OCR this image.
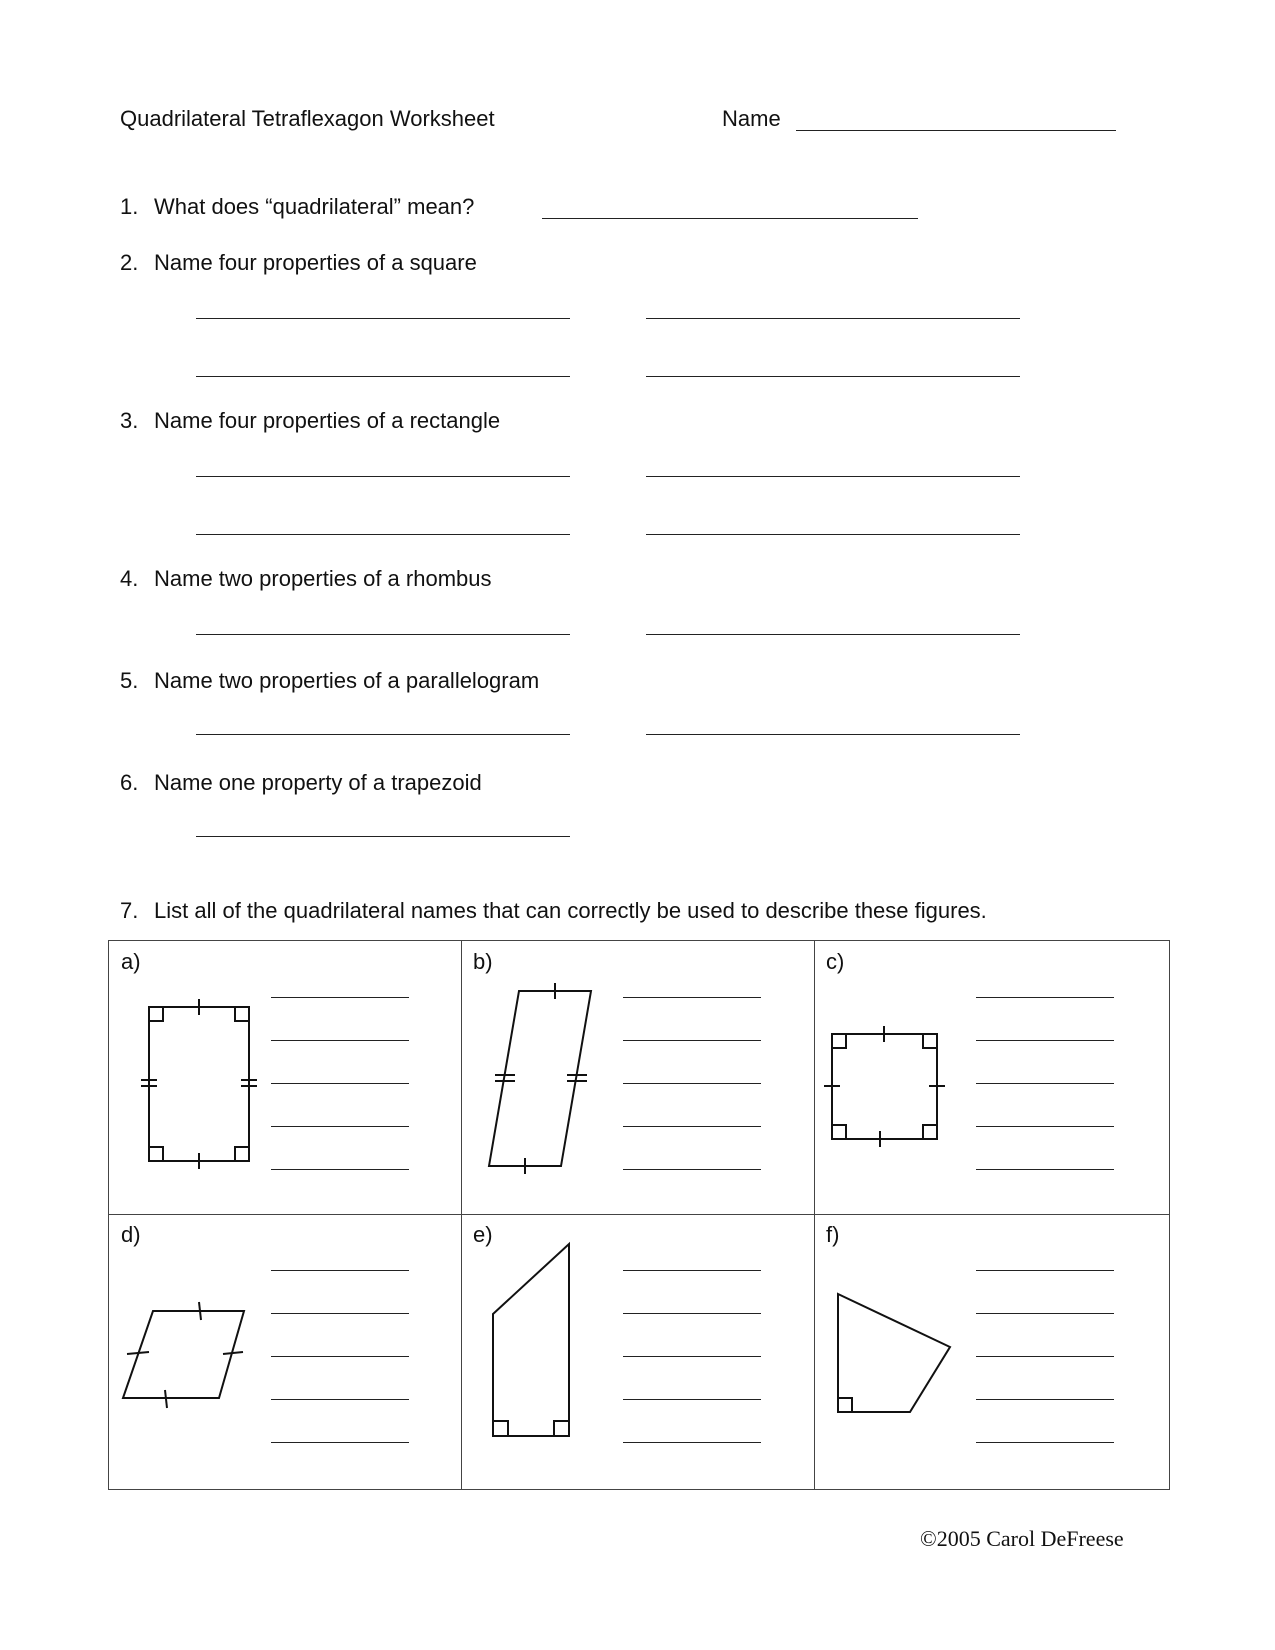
Quadrilateral Tetraflexagon Worksheet	Name
1. What does “quadrilateral” mean?
2. Name four properties of a square
3. Name four properties of a rectangle
4. Name two properties of a rhombus
5. Name two properties of a parallelogram
6. Name one property of a trapezoid
7. List all of the quadrilateral names that can correctly be used to describe these figures.
a)	b)	c)
d)	e)	f)
©2005 Carol DeFreese
